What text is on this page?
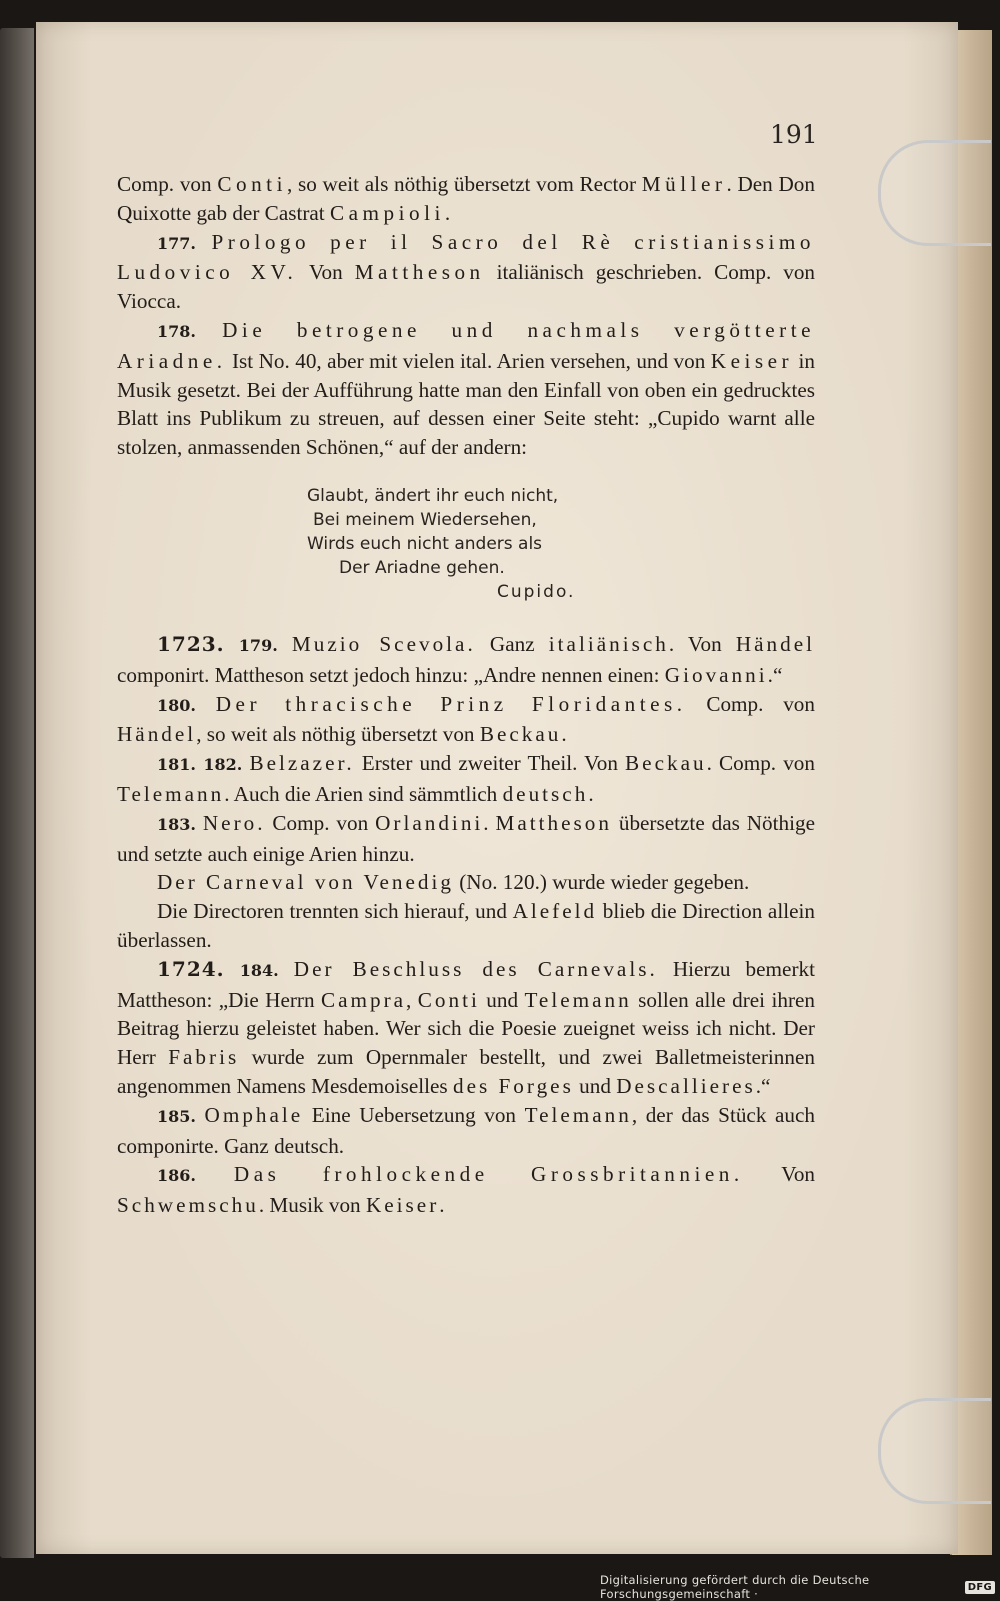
191

Comp. von Conti, so weit als nöthig übersetzt vom Rector Müller. Den Don Quixotte gab der Castrat Campioli.

177. Prologo per il Sacro del Rè cristianissimo Ludovico XV. Von Mattheson italiänisch geschrieben. Comp. von Viocca.

178. Die betrogene und nachmals vergötterte Ariadne. Ist No. 40, aber mit vielen ital. Arien versehen, und von Keiser in Musik gesetzt. Bei der Aufführung hatte man den Einfall von oben ein gedrucktes Blatt ins Publikum zu streuen, auf dessen einer Seite steht: „Cupido warnt alle stolzen, anmassenden Schönen,“ auf der andern:

Glaubt, ändert ihr euch nicht,
Bei meinem Wiedersehen,
Wirds euch nicht anders als
Der Ariadne gehen.
Cupido.

1723. 179. Muzio Scevola. Ganz italiänisch. Von Händel componirt. Mattheson setzt jedoch hinzu: „Andre nennen einen: Giovanni.“

180. Der thracische Prinz Floridantes. Comp. von Händel, so weit als nöthig übersetzt von Beckau.

181. 182. Belzazer. Erster und zweiter Theil. Von Beckau. Comp. von Telemann. Auch die Arien sind sämmtlich deutsch.

183. Nero. Comp. von Orlandini. Mattheson übersetzte das Nöthige und setzte auch einige Arien hinzu.

Der Carneval von Venedig (No. 120.) wurde wieder gegeben.

Die Directoren trennten sich hierauf, und Alefeld blieb die Direction allein überlassen.

1724. 184. Der Beschluss des Carnevals. Hierzu bemerkt Mattheson: „Die Herrn Campra, Conti und Telemann sollen alle drei ihren Beitrag hierzu geleistet haben. Wer sich die Poesie zueignet weiss ich nicht. Der Herr Fabris wurde zum Opernmaler bestellt, und zwei Balletmeisterinnen angenommen Namens Mesdemoiselles des Forges und Descallieres.“

185. Omphale Eine Uebersetzung von Telemann, der das Stück auch componirte. Ganz deutsch.

186. Das frohlockende Grossbritannien. Von Schwemschu. Musik von Keiser.

Digitalisierung gefördert durch die Deutsche Forschungsgemeinschaft ·	DFG
